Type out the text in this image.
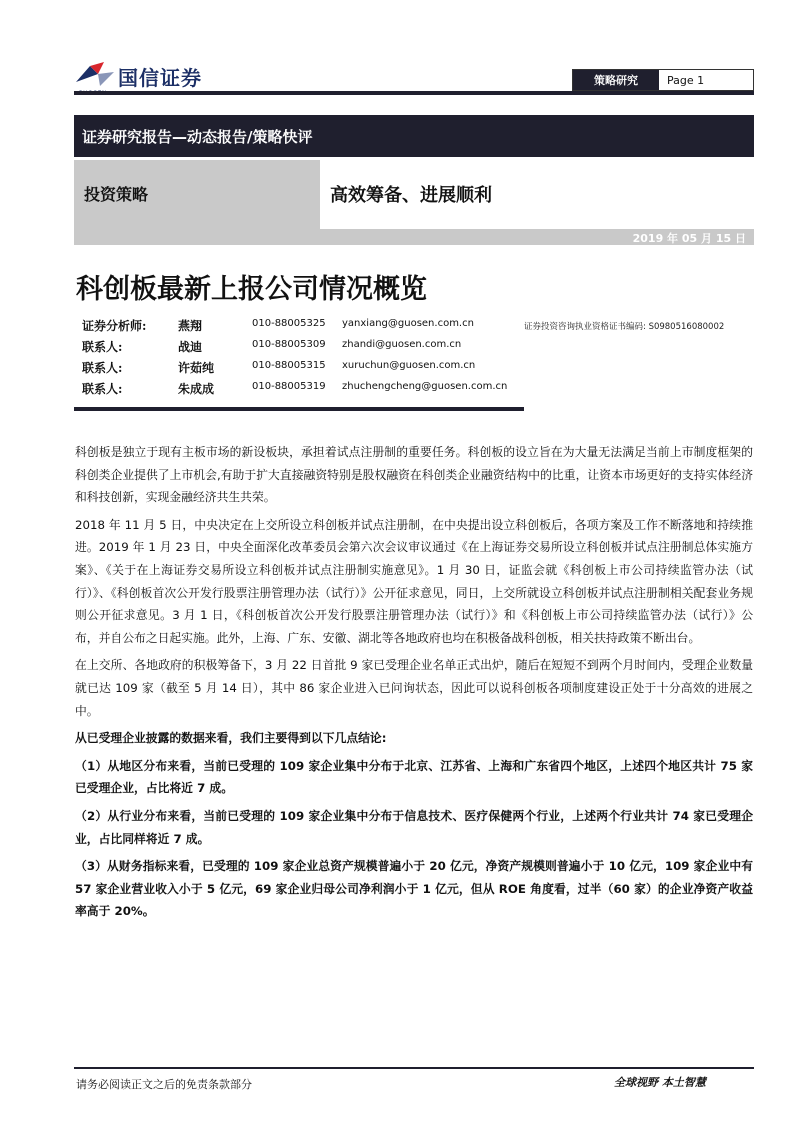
国信证券	策略研究	Page 1
证券研究报告—动态报告/策略快评
投资策略	高效筹备、进展顺利
2019 年 05 月 15 日
科创板最新上报公司情况概览
证券分析师:	燕翔	010-88005325 yanxiang@guosen.com.cn
联系人:	战迪	010-88005309 zhandi@guosen.com.cn
联系人:	许茹纯	010-88005315 xuruchun@guosen.com.cn
联系人:	朱成成	010-88005319 zhuchengcheng@guosen.com.cn
证券投资咨询执业资格证书编码: S0980516080002

科创板是独立于现有主板市场的新设板块，承担着试点注册制的重要任务。科创板的设立旨在为大量无法满足当前上市制度框架的科创类企业提供了上市机会,有助于扩大直接融资特别是股权融资在科创类企业融资结构中的比重，让资本市场更好的支持实体经济和科技创新，实现金融经济共生共荣。

2018 年 11 月 5 日，中央决定在上交所设立科创板并试点注册制，在中央提出设立科创板后，各项方案及工作不断落地和持续推进。2019 年 1 月 23 日，中央全面深化改革委员会第六次会议审议通过《在上海证券交易所设立科创板并试点注册制总体实施方案》、《关于在上海证券交易所设立科创板并试点注册制实施意见》。1 月 30 日，证监会就《科创板上市公司持续监管办法（试行）》、《科创板首次公开发行股票注册管理办法（试行）》公开征求意见，同日，上交所就设立科创板并试点注册制相关配套业务规则公开征求意见。3 月 1 日，《科创板首次公开发行股票注册管理办法（试行）》和《科创板上市公司持续监管办法（试行）》公布，并自公布之日起实施。此外，上海、广东、安徽、湖北等各地政府也均在积极备战科创板，相关扶持政策不断出台。

在上交所、各地政府的积极筹备下，3 月 22 日首批 9 家已受理企业名单正式出炉，随后在短短不到两个月时间内，受理企业数量就已达 109 家（截至 5 月 14 日），其中 86 家企业进入已问询状态，因此可以说科创板各项制度建设正处于十分高效的进展之中。

从已受理企业披露的数据来看，我们主要得到以下几点结论:

（1）从地区分布来看，当前已受理的 109 家企业集中分布于北京、江苏省、上海和广东省四个地区，上述四个地区共计 75 家已受理企业，占比将近 7 成。

（2）从行业分布来看，当前已受理的 109 家企业集中分布于信息技术、医疗保健两个行业，上述两个行业共计 74 家已受理企业，占比同样将近 7 成。

（3）从财务指标来看，已受理的 109 家企业总资产规模普遍小于 20 亿元，净资产规模则普遍小于 10 亿元，109 家企业中有 57 家企业营业收入小于 5 亿元，69 家企业归母公司净利润小于 1 亿元，但从 ROE 角度看，过半（60 家）的企业净资产收益率高于 20%。

请务必阅读正文之后的免责条款部分	全球视野 本土智慧
